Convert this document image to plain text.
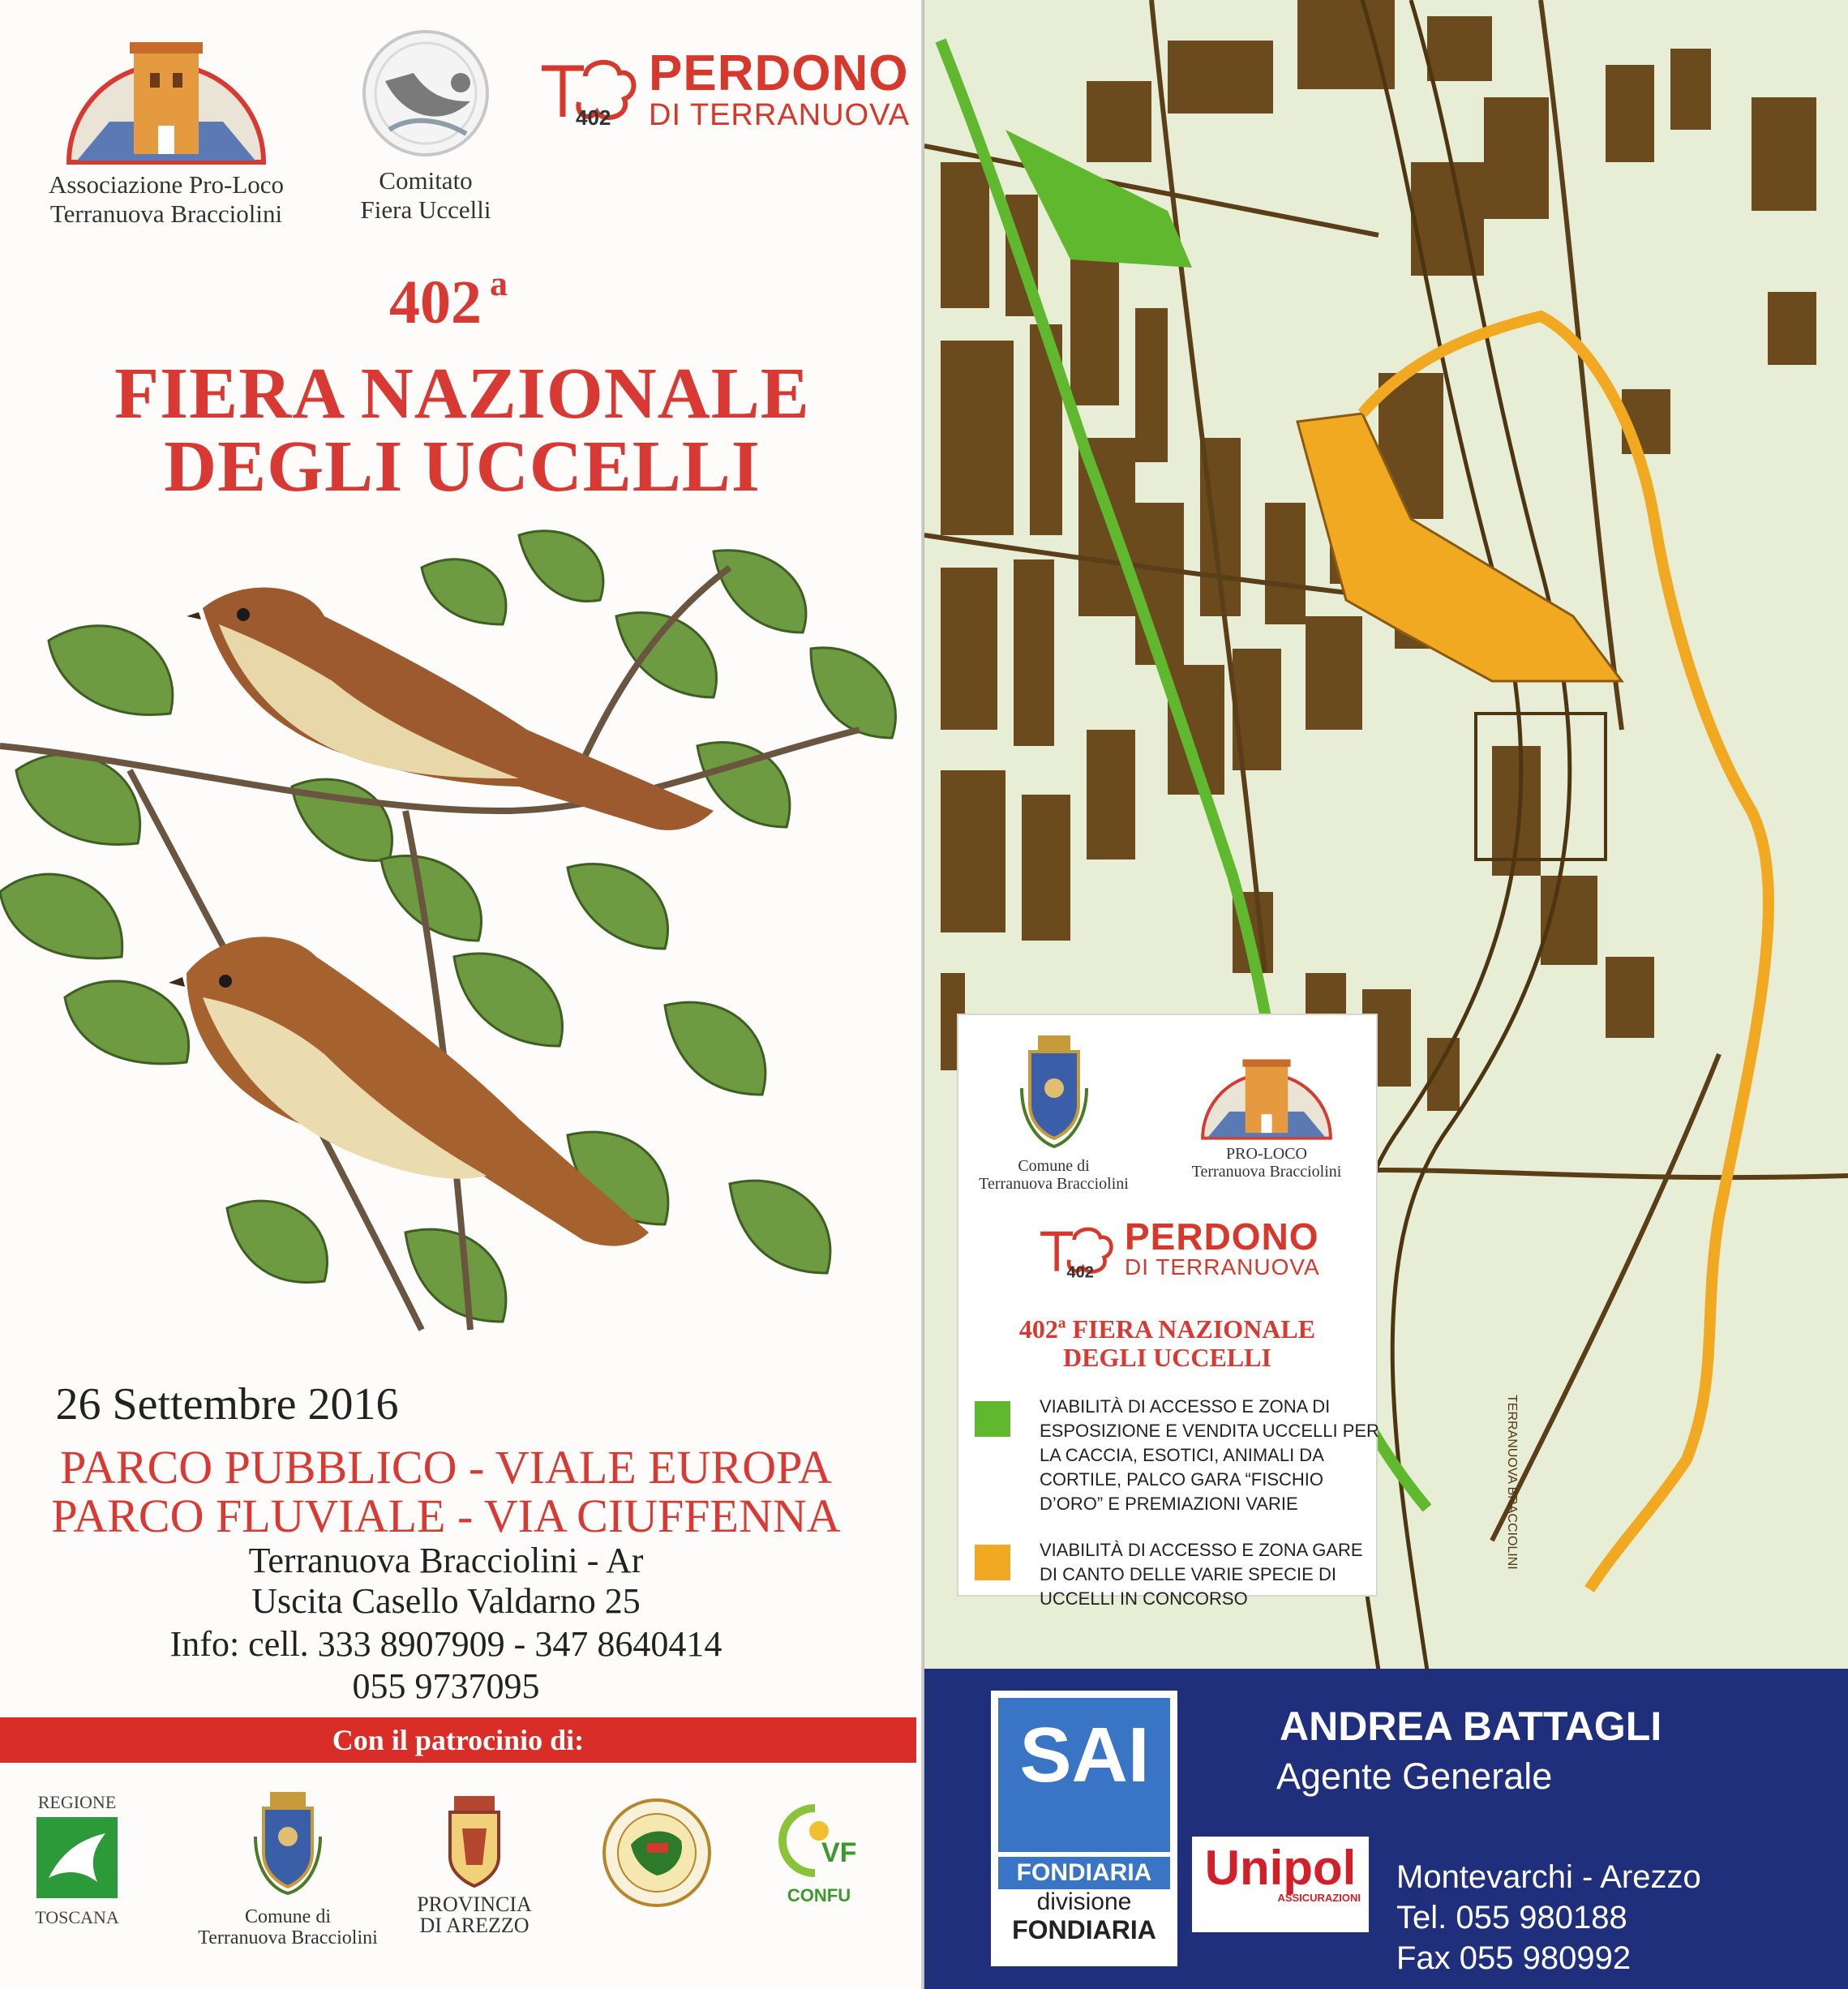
Associazione Pro-Loco
Terranuova Bracciolini
Comitato
Fiera Uccelli
402
PERDONO
DI TERRANUOVA
402 $^a$
FIERA NAZIONALE
DEGLI UCCELLI
26 Settembre 2016
PARCO PUBBLICO - VIALE EUROPA
PARCO FLUVIALE - VIA CIUFFENNA
Terranuova Bracciolini - Ar
Uscita Casello Valdarno 25
Info: cell. 333 8907909 - 347 8640414
055 9737095
Con il patrocinio di:
REGIONE
TOSCANA	Comune di
Terranuova Bracciolini
PROVINCIA
DI AREZZO
VF
CONFU
TERRANUOVA BRACCIOLINI
Comune di
Terranuova Bracciolini
PRO-LOCO
Terranuova Bracciolini
402
PERDONO
DI TERRANUOVA
402ª FIERA NAZIONALE
DEGLI UCCELLI
VIABILITÀ DI ACCESSO E ZONA DI ESPOSIZIONE E VENDITA UCCELLI PER LA CACCIA, ESOTICI, ANIMALI DA CORTILE, PALCO GARA “FISCHIO D’ORO” E PREMIAZIONI VARIE
VIABILITÀ DI ACCESSO E ZONA GARE DI CANTO DELLE VARIE SPECIE DI UCCELLI IN CONCORSO
SAI
FONDIARIA
divisione
FONDIARIA
Unipol
ASSICURAZIONI
ANDREA BATTAGLI
Agente Generale
Montevarchi - Arezzo
Tel. 055 980188
Fax 055 980992
